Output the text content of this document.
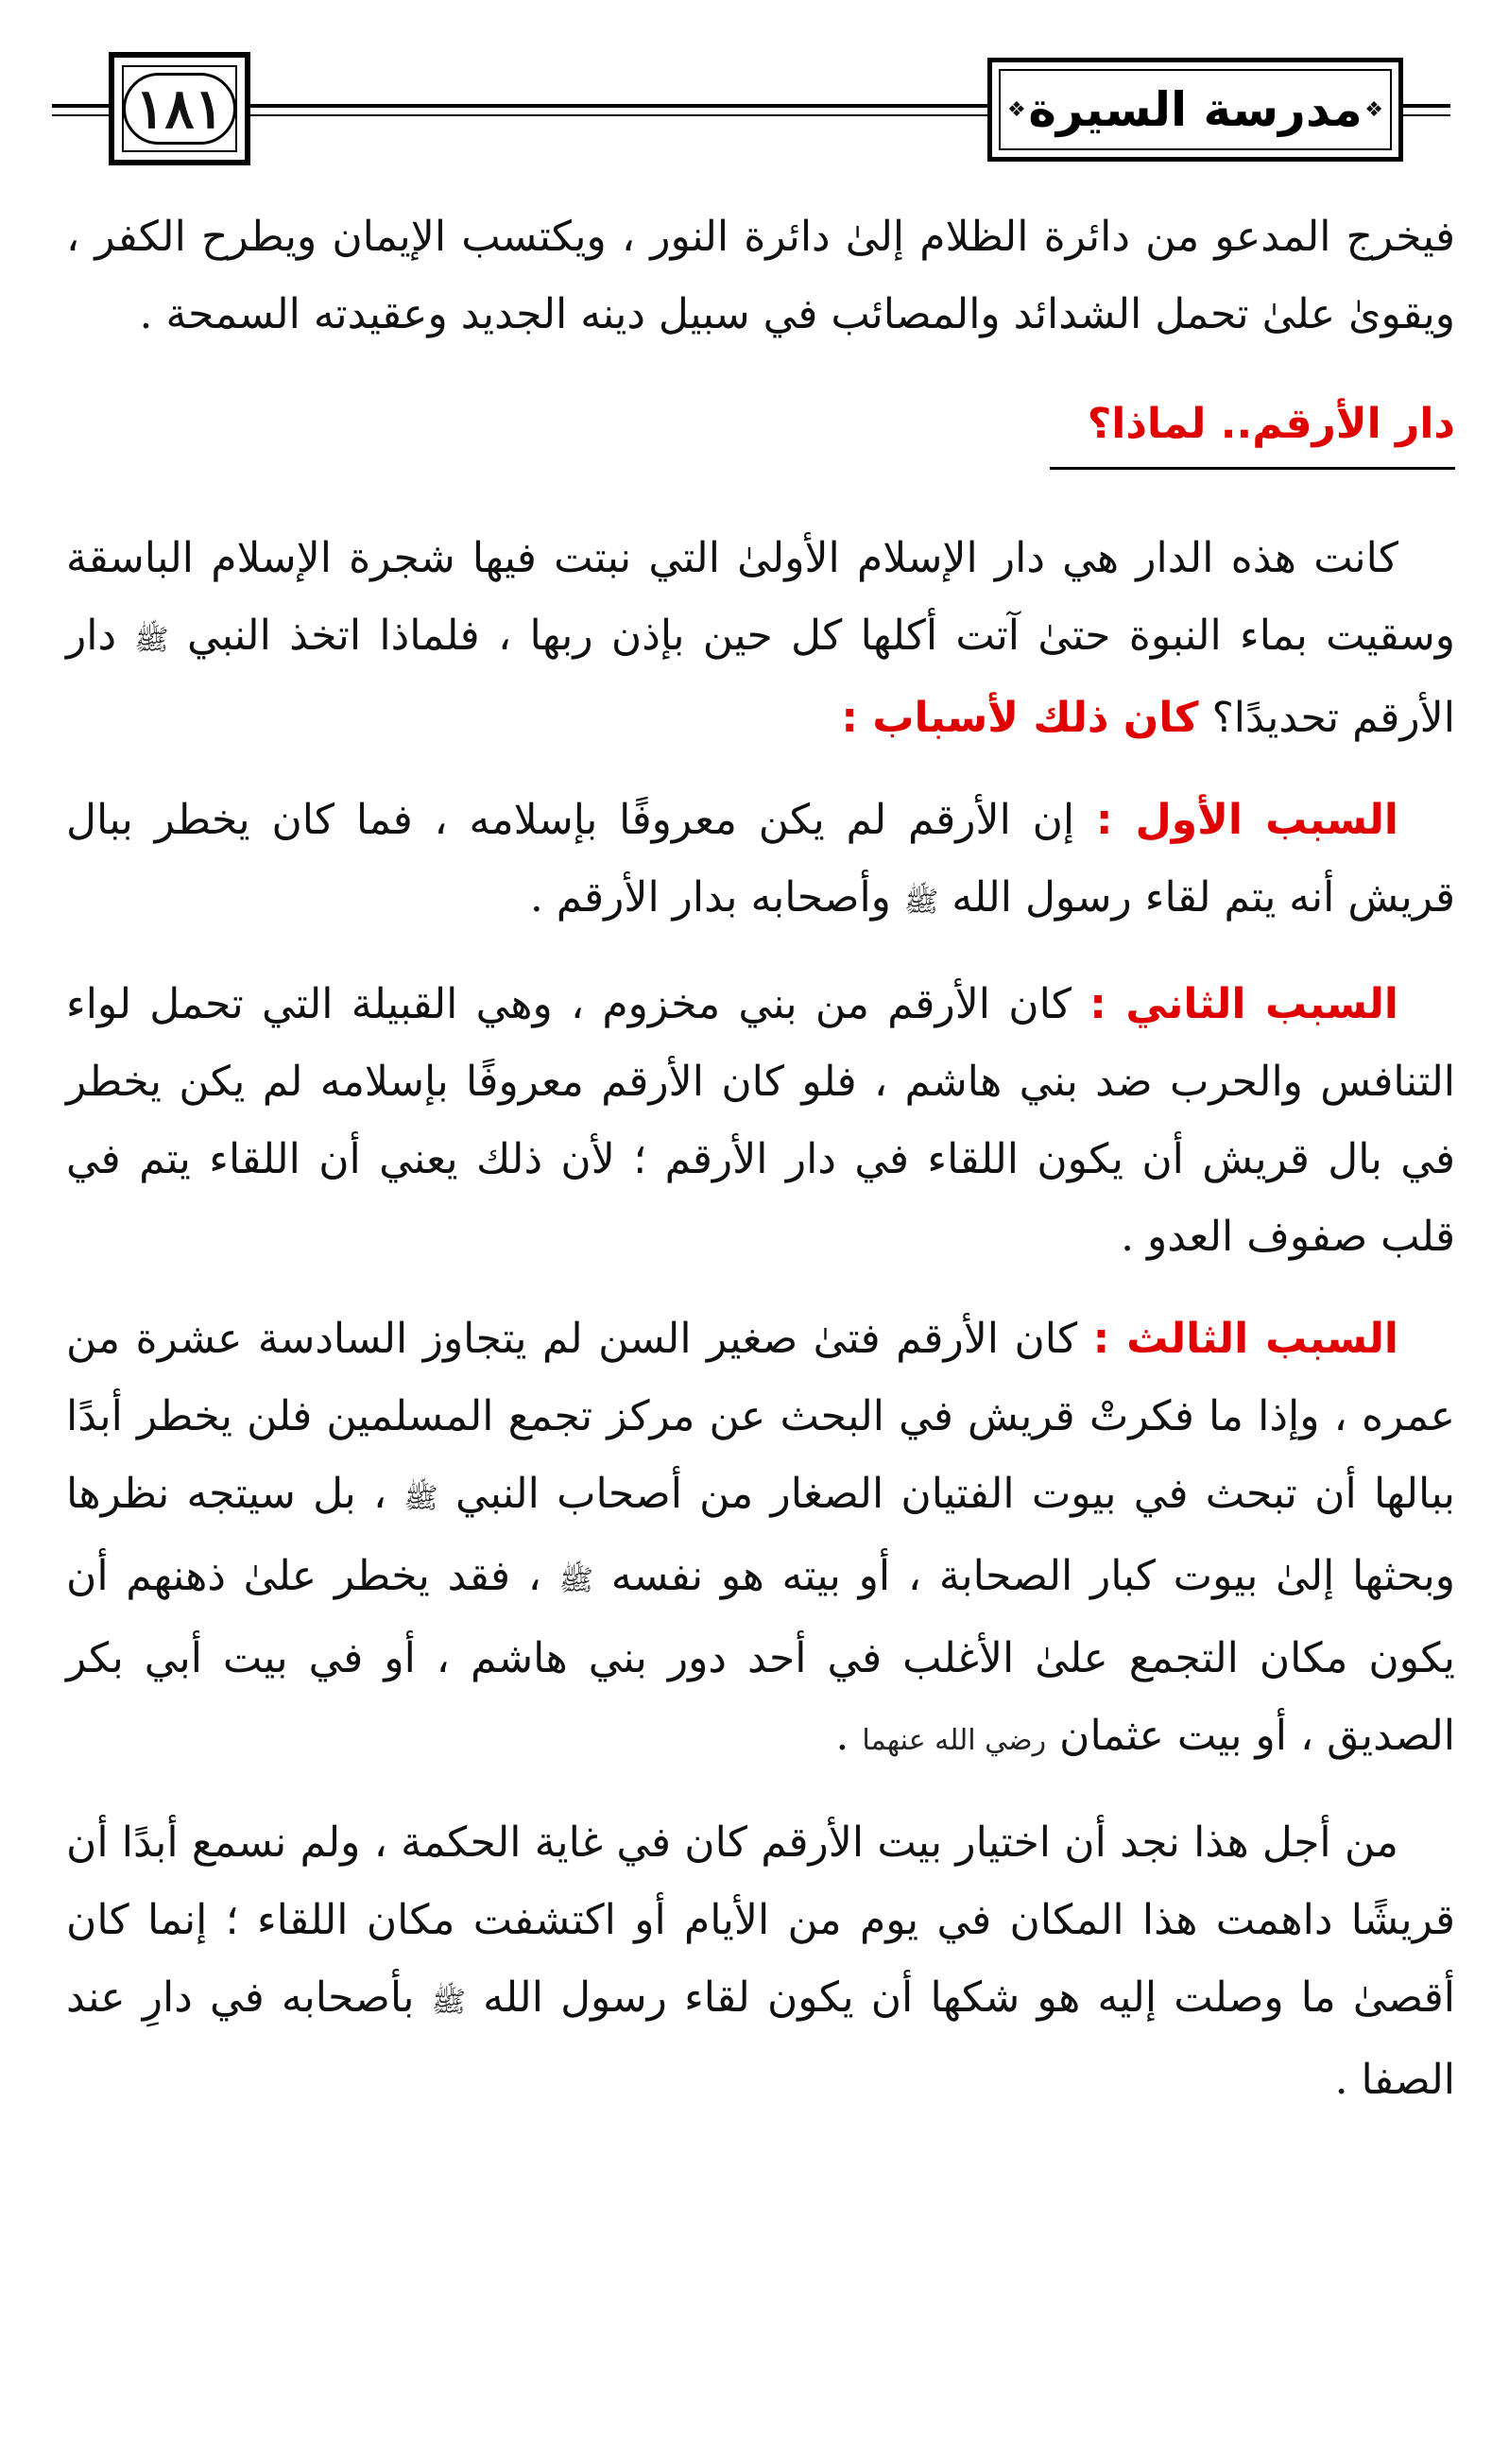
١٨١	❖ مدرسة السيرة ❖

فيخرج المدعو من دائرة الظلام إلىٰ دائرة النور ، ويكتسب الإيمان ويطرح الكفر ، ويقوىٰ علىٰ تحمل الشدائد والمصائب في سبيل دينه الجديد وعقيدته السمحة .

دار الأرقم.. لماذا؟

كانت هذه الدار هي دار الإسلام الأولىٰ التي نبتت فيها شجرة الإسلام الباسقة وسقيت بماء النبوة حتىٰ آتت أكلها كل حين بإذن ربها ، فلماذا اتخذ النبي ﷺ دار الأرقم تحديدًا؟ كان ذلك لأسباب :

السبب الأول : إن الأرقم لم يكن معروفًا بإسلامه ، فما كان يخطر ببال قريش أنه يتم لقاء رسول الله ﷺ وأصحابه بدار الأرقم .

السبب الثاني : كان الأرقم من بني مخزوم ، وهي القبيلة التي تحمل لواء التنافس والحرب ضد بني هاشم ، فلو كان الأرقم معروفًا بإسلامه لم يكن يخطر في بال قريش أن يكون اللقاء في دار الأرقم ؛ لأن ذلك يعني أن اللقاء يتم في قلب صفوف العدو .

السبب الثالث : كان الأرقم فتىٰ صغير السن لم يتجاوز السادسة عشرة من عمره ، وإذا ما فكرتْ قريش في البحث عن مركز تجمع المسلمين فلن يخطر أبدًا ببالها أن تبحث في بيوت الفتيان الصغار من أصحاب النبي ﷺ ، بل سيتجه نظرها وبحثها إلىٰ بيوت كبار الصحابة ، أو بيته هو نفسه ﷺ ، فقد يخطر علىٰ ذهنهم أن يكون مكان التجمع علىٰ الأغلب في أحد دور بني هاشم ، أو في بيت أبي بكر الصديق ، أو بيت عثمان رضي الله عنهما .

من أجل هذا نجد أن اختيار بيت الأرقم كان في غاية الحكمة ، ولم نسمع أبدًا أن قريشًا داهمت هذا المكان في يوم من الأيام أو اكتشفت مكان اللقاء ؛ إنما كان أقصىٰ ما وصلت إليه هو شكها أن يكون لقاء رسول الله ﷺ بأصحابه في دارِ عند الصفا .
